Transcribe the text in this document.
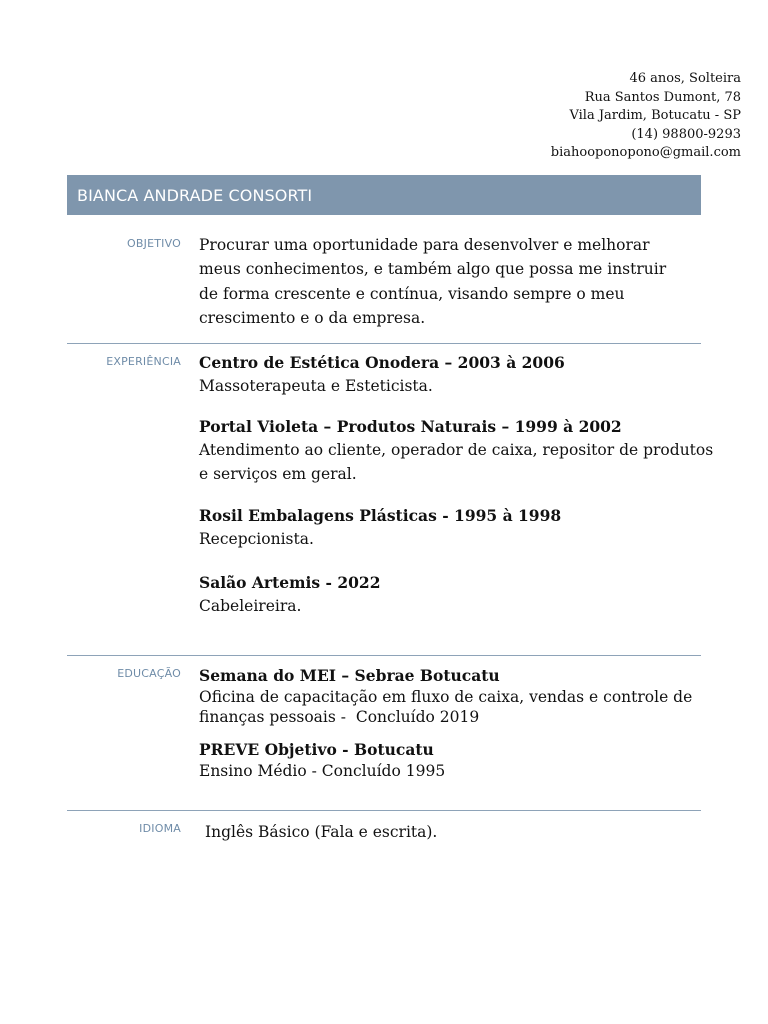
46 anos, Solteira
Rua Santos Dumont, 78
Vila Jardim, Botucatu - SP
(14) 98800-9293
biahooponopono@gmail.com
BIANCA ANDRADE CONSORTI
OBJETIVO Procurar uma oportunidade para desenvolver e melhorar

meus conhecimentos, e também algo que possa me instruir

de forma crescente e contínua, visando sempre o meu

crescimento e o da empresa.

EXPERIÊNCIA Centro de Estética Onodera – 2003 à 2006

Massoterapeuta e Esteticista.

Portal Violeta – Produtos Naturais – 1999 à 2002

Atendimento ao cliente, operador de caixa, repositor de produtos

e serviços em geral.

Rosil Embalagens Plásticas - 1995 à 1998

Recepcionista.

Salão Artemis - 2022

Cabeleireira.

EDUCAÇÃO Semana do MEI – Sebrae Botucatu

Oficina de capacitação em fluxo de caixa, vendas e controle de

finanças pessoais -  Concluído 2019

PREVE Objetivo - Botucatu

Ensino Médio - Concluído 1995

IDIOMA Inglês Básico (Fala e escrita).
